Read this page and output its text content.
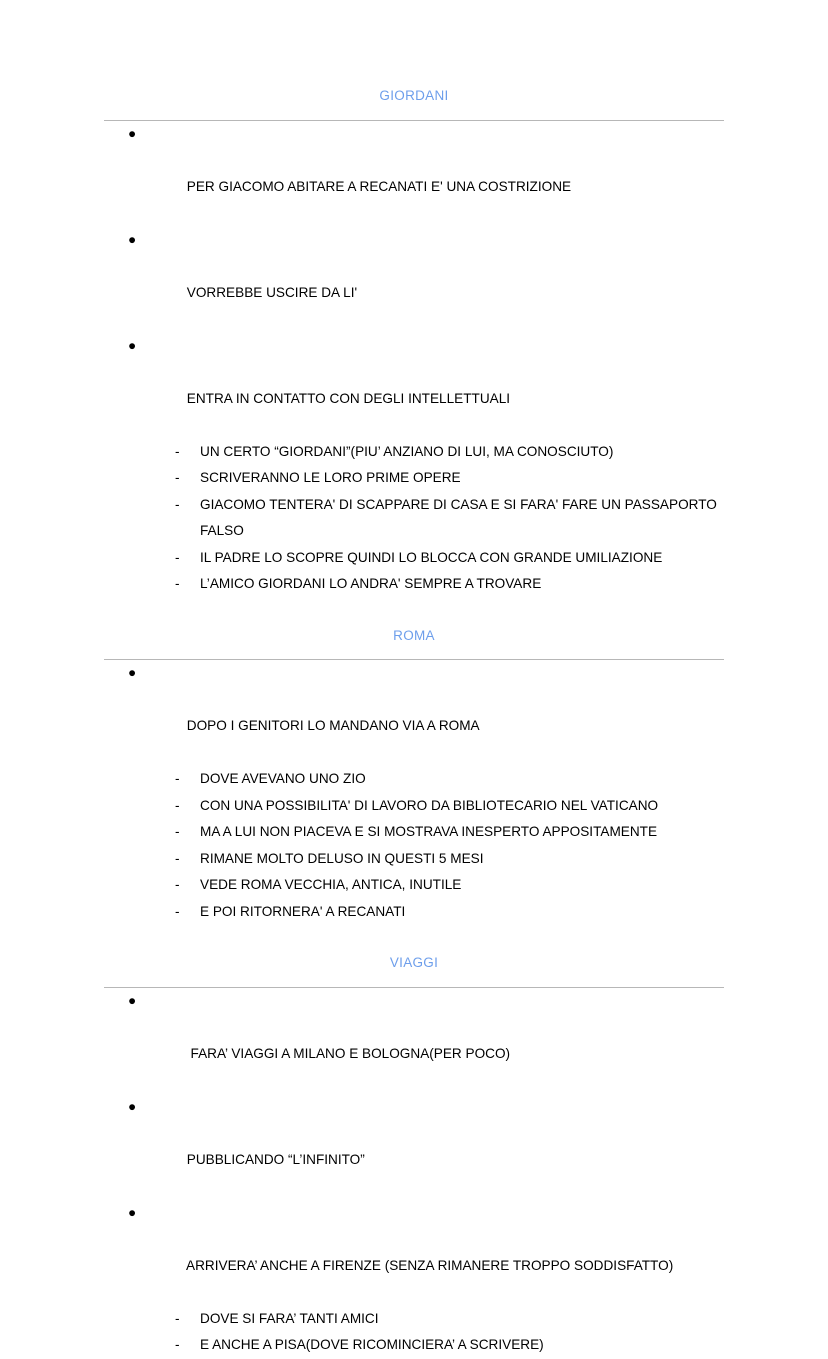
GIORDANI

●

PER GIACOMO ABITARE A RECANATI E' UNA COSTRIZIONE

●

VORREBBE USCIRE DA LI'

●

ENTRA IN CONTATTO CON DEGLI INTELLETTUALI

- UN CERTO “GIORDANI”(PIU’ ANZIANO DI LUI, MA CONOSCIUTO)
- SCRIVERANNO LE LORO PRIME OPERE
- GIACOMO TENTERA' DI SCAPPARE DI CASA E SI FARA' FARE UN PASSAPORTO FALSO
- IL PADRE LO SCOPRE QUINDI LO BLOCCA CON GRANDE UMILIAZIONE
- L’AMICO GIORDANI LO ANDRA' SEMPRE A TROVARE
ROMA

●

DOPO I GENITORI LO MANDANO VIA A ROMA

- DOVE AVEVANO UNO ZIO
- CON UNA POSSIBILITA' DI LAVORO DA BIBLIOTECARIO NEL VATICANO
- MA A LUI NON PIACEVA E SI MOSTRAVA INESPERTO APPOSITAMENTE
- RIMANE MOLTO DELUSO IN QUESTI 5 MESI
- VEDE ROMA VECCHIA, ANTICA, INUTILE
- E POI RITORNERA' A RECANATI
VIAGGI

●

FARA’ VIAGGI A MILANO E BOLOGNA(PER POCO)

●

PUBBLICANDO “L’INFINITO”

●

ARRIVERA’ ANCHE A FIRENZE (SENZA RIMANERE TROPPO SODDISFATTO)

- DOVE SI FARA’ TANTI AMICI
- E ANCHE A PISA(DOVE RICOMINCIERA’ A SCRIVERE)
